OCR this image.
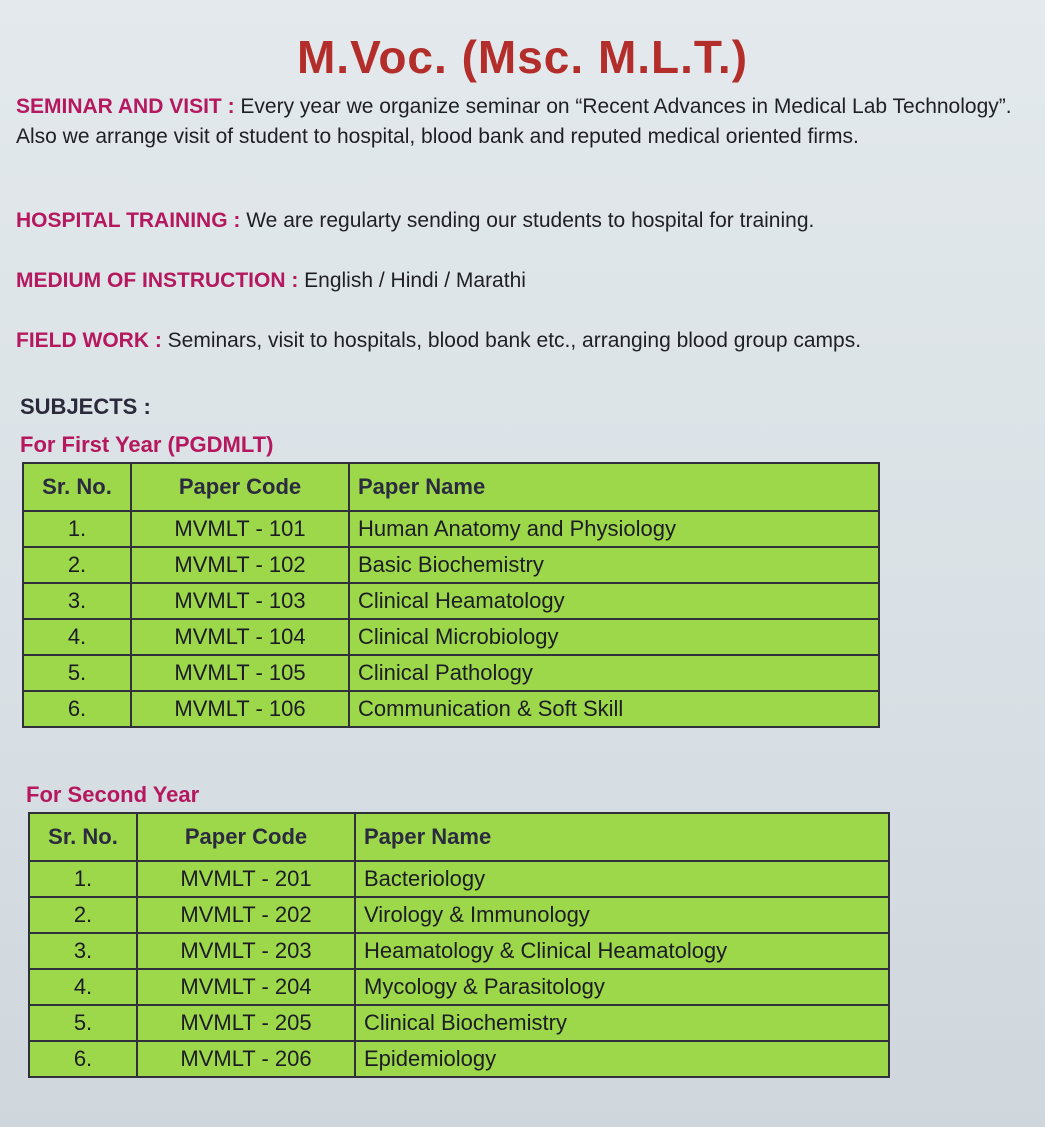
M.Voc. (Msc. M.L.T.)
SEMINAR AND VISIT : Every year we organize seminar on “Recent Advances in Medical Lab Technology”. Also we arrange visit of student to hospital, blood bank and reputed medical oriented firms.
HOSPITAL TRAINING : We are regularty sending our students to hospital for training.
MEDIUM OF INSTRUCTION : English / Hindi / Marathi
FIELD WORK : Seminars, visit to hospitals, blood bank etc., arranging blood group camps.
SUBJECTS :
For First Year (PGDMLT)
Sr. No.	Paper Code	Paper Name
1.	MVMLT - 101	Human Anatomy and Physiology
2.	MVMLT - 102	Basic Biochemistry
3.	MVMLT - 103	Clinical Heamatology
4.	MVMLT - 104	Clinical Microbiology
5.	MVMLT - 105	Clinical Pathology
6.	MVMLT - 106	Communication & Soft Skill
For Second Year
Sr. No.	Paper Code	Paper Name
1.	MVMLT - 201	Bacteriology
2.	MVMLT - 202	Virology & Immunology
3.	MVMLT - 203	Heamatology & Clinical Heamatology
4.	MVMLT - 204	Mycology & Parasitology
5.	MVMLT - 205	Clinical Biochemistry
6.	MVMLT - 206	Epidemiology
